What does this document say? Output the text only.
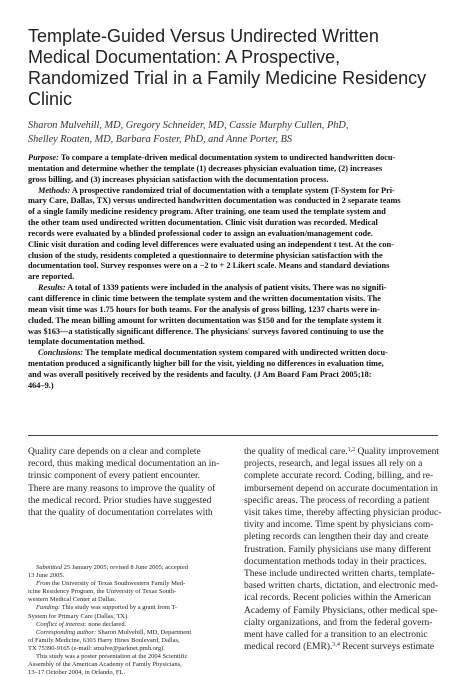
Template-Guided Versus Undirected Written
Medical Documentation: A Prospective,
Randomized Trial in a Family Medicine Residency
Clinic
Sharon Mulvehill, MD, Gregory Schneider, MD, Cassie Murphy Cullen, PhD,
Shelley Roaten, MD, Barbara Foster, PhD, and Anne Porter, BS

Purpose: To compare a template-driven medical documentation system to undirected handwritten docu-
mentation and determine whether the template (1) decreases physician evaluation time, (2) increases
gross billing, and (3) increases physician satisfaction with the documentation process.

Methods: A prospective randomized trial of documentation with a template system (T-System for Pri-
mary Care, Dallas, TX) versus undirected handwritten documentation was conducted in 2 separate teams
of a single family medicine residency program. After training, one team used the template system and
the other team used undirected written documentation. Clinic visit duration was recorded. Medical
records were evaluated by a blinded professional coder to assign an evaluation/management code.
Clinic visit duration and coding level differences were evaluated using an independent t test. At the con-
clusion of the study, residents completed a questionnaire to determine physician satisfaction with the
documentation tool. Survey responses were on a −2 to + 2 Likert scale. Means and standard deviations
are reported.

Results: A total of 1339 patients were included in the analysis of patient visits. There was no signifi-
cant difference in clinic time between the template system and the written documentation visits. The
mean visit time was 1.75 hours for both teams. For the analysis of gross billing, 1237 charts were in-
cluded. The mean billing amount for written documentation was $150 and for the template system it
was $163—a statistically significant difference. The physicians' surveys favored continuing to use the
template documentation method.

Conclusions: The template medical documentation system compared with undirected written docu-
mentation produced a significantly higher bill for the visit, yielding no differences in evaluation time,
and was overall positively received by the residents and faculty. (J Am Board Fam Pract 2005;18:
464–9.)

Quality care depends on a clear and complete
record, thus making medical documentation an in-
trinsic component of every patient encounter.
There are many reasons to improve the quality of
the medical record. Prior studies have suggested
that the quality of documentation correlates with
Submitted 25 January 2005; revised 8 June 2005; accepted
13 June 2005.
From the University of Texas Southwestern Family Med-
icine Residency Program, the University of Texas South-
western Medical Center at Dallas.
Funding: This study was supported by a grant from T-
System for Primary Care (Dallas, TX).
Conflict of interest: none declared.
Corresponding author: Sharon Mulvehill, MD, Department
of Family Medicine, 6303 Harry Hines Boulevard, Dallas,
TX 75390-9165 (e-mail: smulve@parknet.pmh.org).
This study was a poster presentation at the 2004 Scientific
Assembly of the American Academy of Family Physicians,
13–17 October 2004, in Orlando, FL.
the quality of medical care.$^{1,2}$ Quality improvement
projects, research, and legal issues all rely on a
complete accurate record. Coding, billing, and re-
imbursement depend on accurate documentation in
specific areas. The process of recording a patient
visit takes time, thereby affecting physician produc-
tivity and income. Time spent by physicians com-
pleting records can lengthen their day and create
frustration. Family physicians use many different
documentation methods today in their practices.
These include undirected written charts, template-
based written charts, dictation, and electronic med-
ical records. Recent policies within the American
Academy of Family Physicians, other medical spe-
cialty organizations, and from the federal govern-
ment have called for a transition to an electronic
medical record (EMR).$^{3,4}$ Recent surveys estimate
